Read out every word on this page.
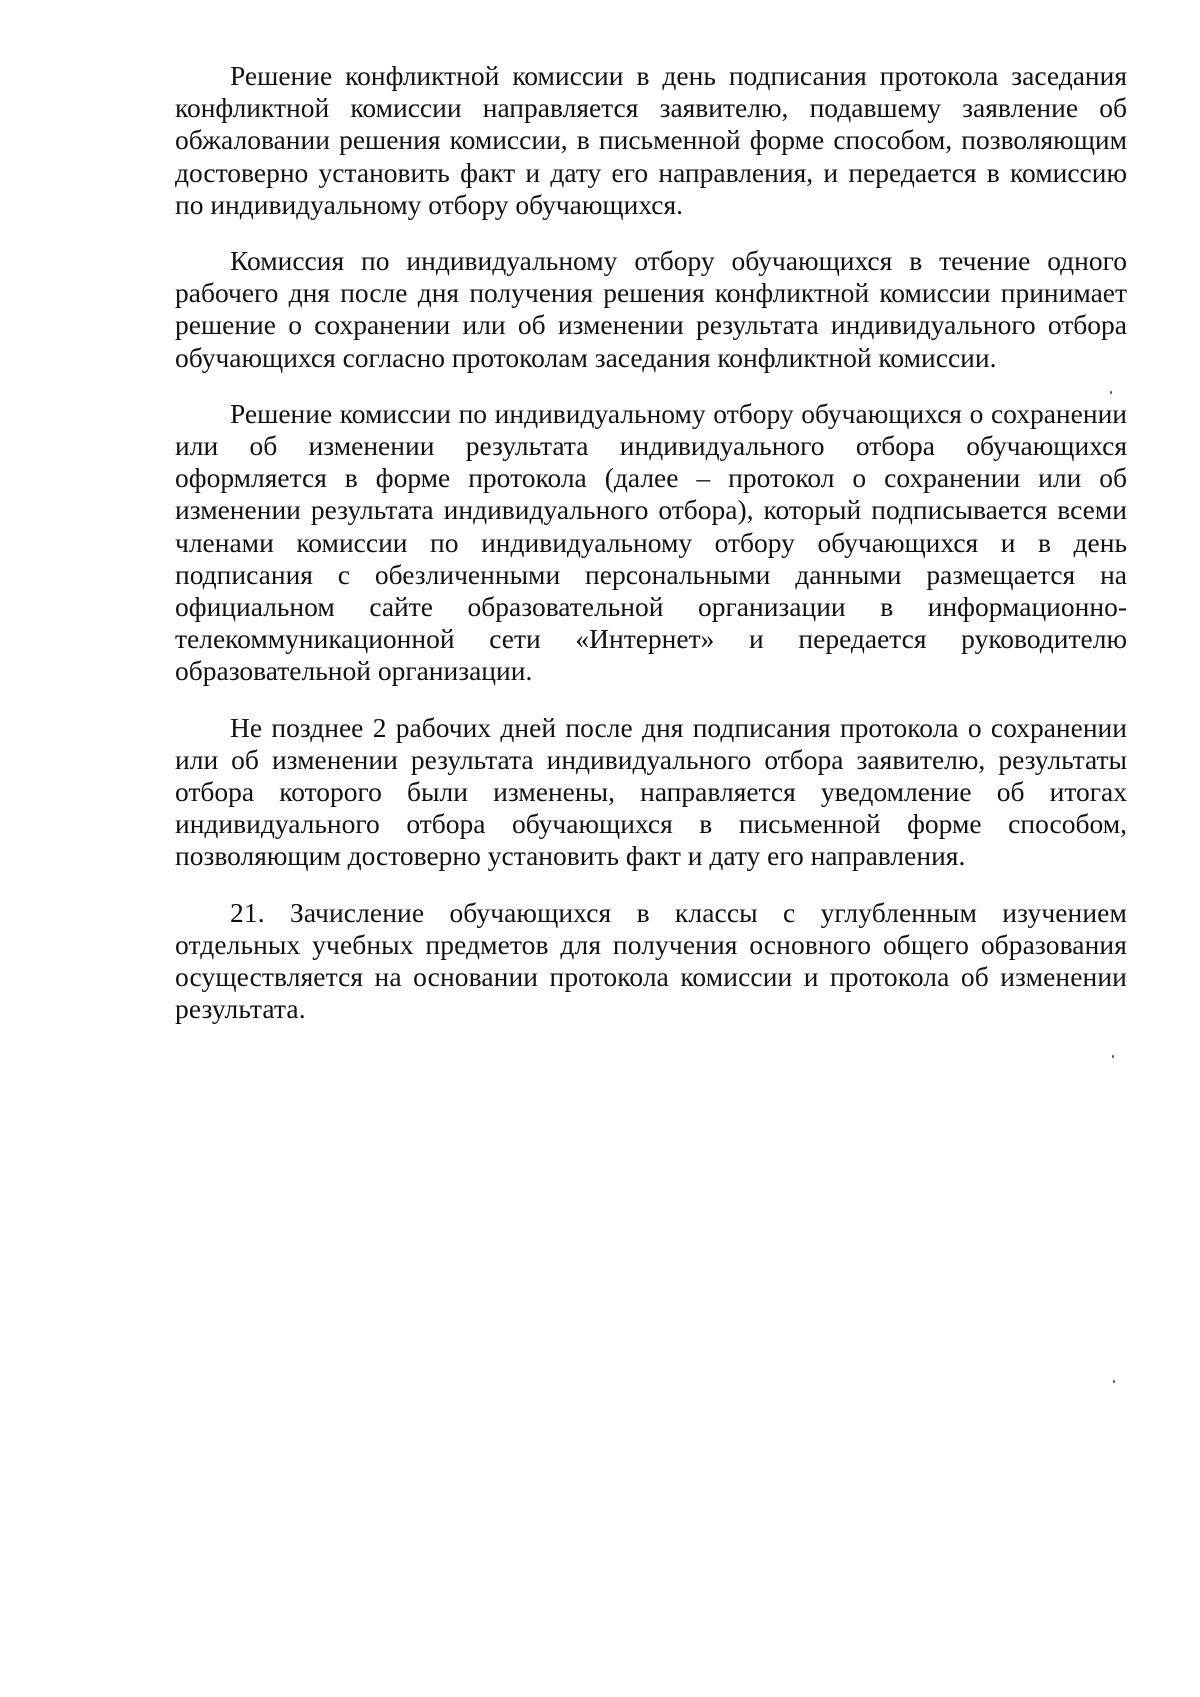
Решение конфликтной комиссии в день подписания протокола заседания конфликтной комиссии направляется заявителю, подавшему заявление об обжаловании решения комиссии, в письменной форме способом, позволяющим достоверно установить факт и дату его направления, и передается в комиссию по индивидуальному отбору обучающихся.

Комиссия по индивидуальному отбору обучающихся в течение одного рабочего дня после дня получения решения конфликтной комиссии принимает решение о сохранении или об изменении результата индивидуального отбора обучающихся согласно протоколам заседания конфликтной комиссии.

Решение комиссии по индивидуальному отбору обучающихся о сохранении или об изменении результата индивидуального отбора обучающихся оформляется в форме протокола (далее – протокол о сохранении или об изменении результата индивидуального отбора), который подписывается всеми членами комиссии по индивидуальному отбору обучающихся и в день подписания с обезличенными персональными данными размещается на официальном сайте образовательной организации в информационно-телекоммуникационной сети «Интернет» и передается руководителю образовательной организации.

Не позднее 2 рабочих дней после дня подписания протокола о сохранении или об изменении результата индивидуального отбора заявителю, результаты отбора которого были изменены, направляется уведомление об итогах индивидуального отбора обучающихся в письменной форме способом, позволяющим достоверно установить факт и дату его направления.

21. Зачисление обучающихся в классы с углубленным изучением отдельных учебных предметов для получения основного общего образования осуществляется на основании протокола комиссии и протокола об изменении результата.
